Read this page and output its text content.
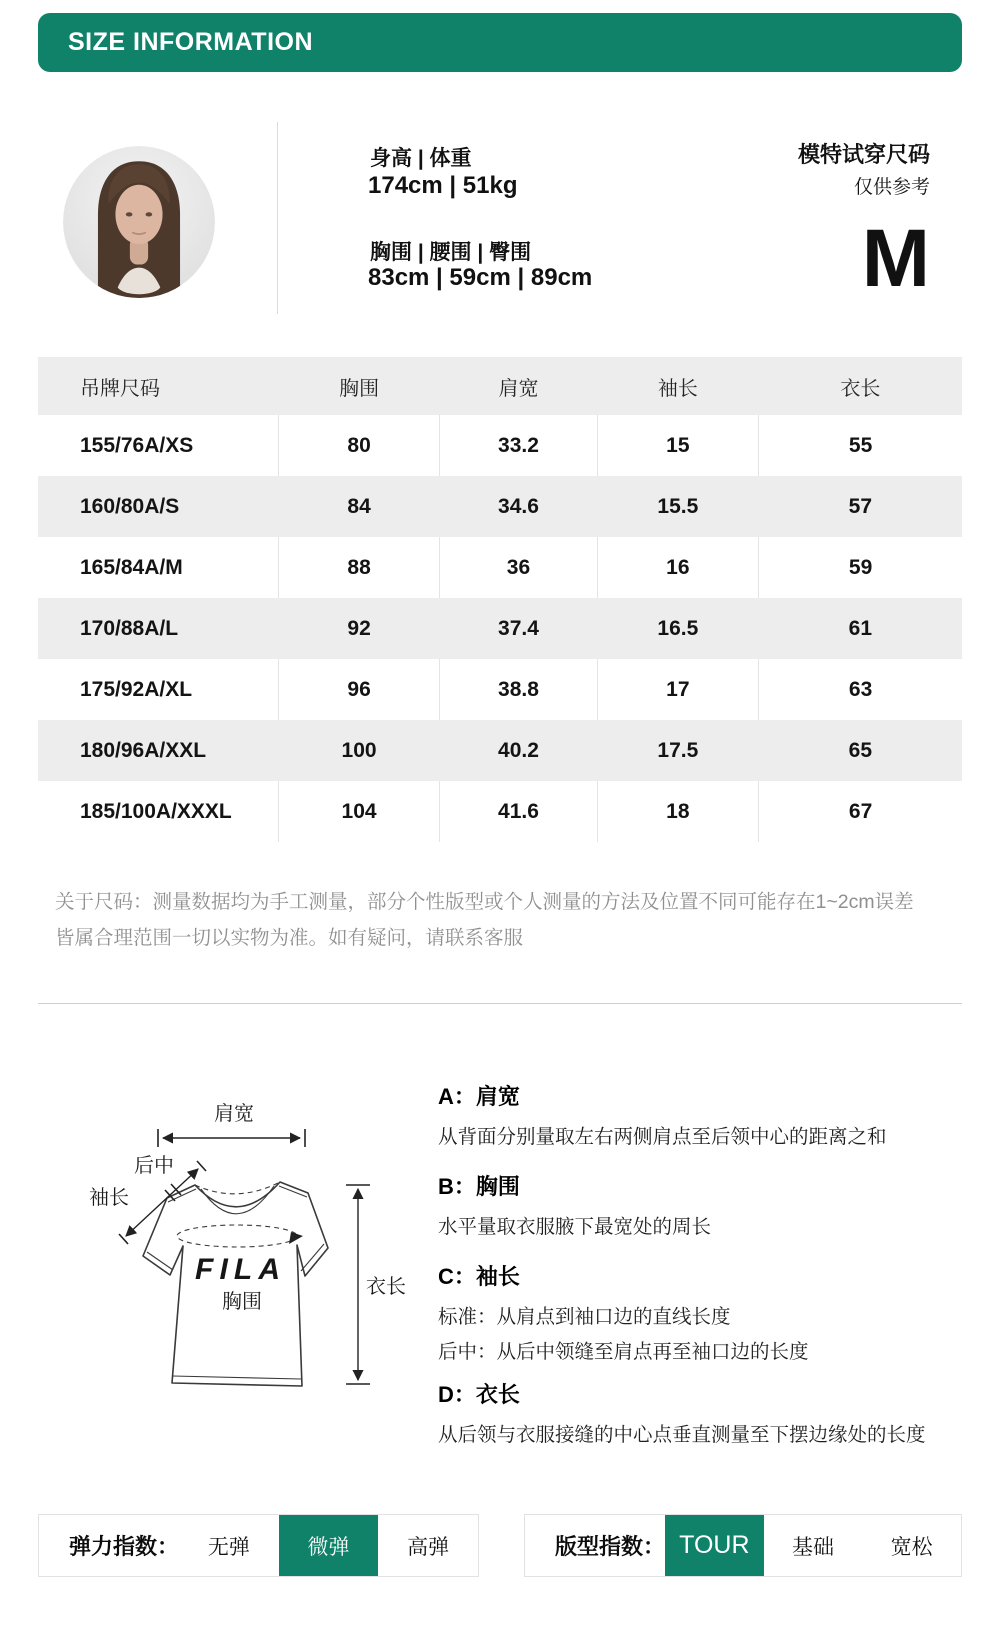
SIZE INFORMATION
身高 | 体重
174cm | 51kg
胸围 | 腰围 | 臀围
83cm | 59cm | 89cm
模特试穿尺码
仅供参考
M
吊牌尺码	胸围	肩宽	袖长	衣长
155/76A/XS	80	33.2	15	55
160/80A/S	84	34.6	15.5	57
165/84A/M	88	36	16	59
170/88A/L	92	37.4	16.5	61
175/92A/XL	96	38.8	17	63
180/96A/XXL	100	40.2	17.5	65
185/100A/XXXL	104	41.6	18	67
关于尺码：测量数据均为手工测量，部分个性版型或个人测量的方法及位置不同可能存在1~2cm误差
皆属合理范围一切以实物为准。如有疑问，请联系客服
FILA
胸围
肩宽
后中
袖长
衣长
A：肩宽
从背面分别量取左右两侧肩点至后领中心的距离之和
B：胸围
水平量取衣服腋下最宽处的周长
C：袖长
标准：从肩点到袖口边的直线长度
后中：从后中领缝至肩点再至袖口边的长度
D：衣长
从后领与衣服接缝的中心点垂直测量至下摆边缘处的长度
弹力指数：	无弹	微弹	高弹	版型指数： TOUR	基础	宽松
